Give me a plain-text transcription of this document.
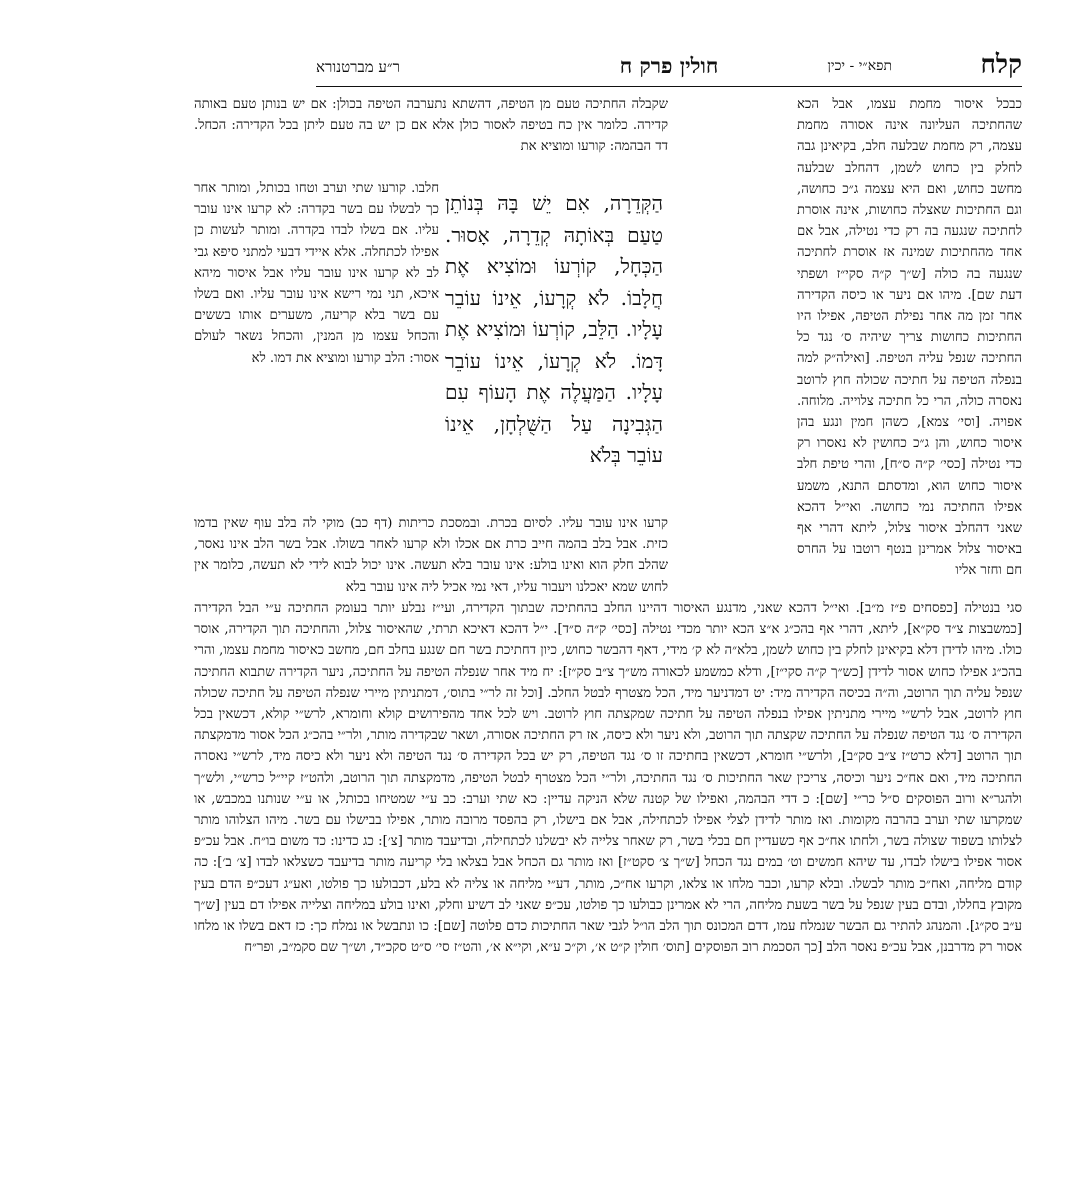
קלח
תפא״י - יכין
חולין פרק ח
ר״ע מברטנורא

כבכל איסור מחמת עצמו, אבל הכא שהחתיכה העליונה אינה אסורה מחמת עצמה, רק מחמת שבלעה חלב, בקיאינן גבה לחלק בין כחוש לשמן, דהחלב שבלעה מחשב כחוש, ואם היא עצמה ג״כ כחושה, וגם החתיכות שאצלה כחושות, אינה אוסרת לחתיכה שנגעה בה רק כדי נטילה, אבל אם אחד מהחתיכות שמינה אז אוסרת לחתיכה שנגעה בה כולה [ש״ך ק״ה סקי״ז ושפתי דעת שם]. מיהו אם ניער או כיסה הקדירה אחר זמן מה אחר נפילת הטיפה, אפילו היו החתיכות כחושות צריך שיהיה ס׳ נגד כל החתיכה שנפל עליה הטיפה. [ואילה״ק למה בנפלה הטיפה על חתיכה שכולה חוץ לרוטב נאסרה כולה, הרי כל חתיכה צלוייה. מלוחה. אפויה. [וסי׳ צמא], כשהן חמין ונגע בהן איסור כחוש, והן ג״כ כחושין לא נאסרו רק כדי נטילה [כסי׳ ק״ה ס״ח], והרי טיפת חלב איסור כחוש הוא, ומדסתם התנא, משמע אפילו החתיכה נמי כחושה. ואי״ל דהכא שאני דהחלב איסור צלול, ליתא דהרי אף באיסור צלול אמרינן בנטף רוטבו על החרס חם וחזר אליו

שקבלה החתיכה טעם מן הטיפה, דהשתא נתערבה הטיפה בכולן: אם יש בנותן טעם באותה קדירה. כלומר אין כח בטיפה לאסור כולן אלא אם כן יש בה טעם ליתן בכל הקדירה: הכחל. דד הבהמה: קורעו ומוציא את

הַקְּדֵרָה, אִם יֵשׁ בָּהּ בְּנוֹתֵן טַעַם בְּאוֹתָהּ קְדֵרָה, אָסוּר. הַכְּחָל, קוֹרְעוֹ וּמוֹצִיא אֶת חֲלָבוֹ. לֹא קְרָעוֹ, אֵינוֹ עוֹבֵר עָלָיו. הַלֵּב, קוֹרְעוֹ וּמוֹצִיא אֶת דָּמוֹ. לֹא קְרָעוֹ, אֵינוֹ עוֹבֵר עָלָיו. הַמַּעֲלֶה אֶת הָעוֹף עִם הַגְּבִינָה עַל הַשֻּׁלְחָן, אֵינוֹ עוֹבֵר בְּלֹא

חלבו. קורעו שתי וערב וטחו בכותל, ומותר אחר כך לבשלו עם בשר בקדרה: לא קרעו אינו עובר עליו. אם בשלו לבדו בקדרה. ומותר לעשות כן אפילו לכתחלה. אלא איידי דבעי למתני סיפא גבי לב לא קרעו אינו עובר עליו אבל איסור מיהא איכא, תני נמי רישא אינו עובר עליו. ואם בשלו עם בשר בלא קריעה, משערים אותו בששים והכחל עצמו מן המנין, והכחל נשאר לעולם אסור: הלב קורעו ומוציא את דמו. לא

קרעו אינו עובר עליו. לסיום בכרת. ובמסכת כריתות (דף כב) מוקי לה בלב עוף שאין בדמו כזית. אבל בלב בהמה חייב כרת אם אכלו ולא קרעו לאחר בשולו. אבל בשר הלב אינו נאסר, שהלב חלק הוא ואינו בולע: אינו עובר בלא תעשה. אינו יכול לבוא לידי לא תעשה, כלומר אין לחוש שמא יאכלנו ויעבור עליו, דאי נמי אכיל ליה אינו עובר בלא

סגי בנטילה [כפסחים פ״ז מ״ב]. ואי״ל דהכא שאני, מדנגע האיסור דהיינו החלב בהחתיכה שבתוך הקדירה, ועי״ז נבלע יותר בעומק החתיכה ע״י הבל הקדירה [כמשבצות צ״ד סק״א], ליתא, דהרי אף בהכ״ג א״צ הכא יותר מכדי נטילה [כסי׳ ק״ה ס״ד]. י״ל דהכא דאיכא תרתי, שהאיסור צלול, והחתיכה תוך הקדירה, אוסר כולו. מיהו לדידן דלא בקיאינן לחלק בין כחוש לשמן, בלא״ה לא ק׳ מידי, דאף דהבשר כחוש, כיון דחתיכת בשר חם שנגע בחלב חם, מחשב כאיסור מחמת עצמו, והרי בהכ״ג אפילו כחוש אסור לדידן [כש״ך ק״ה סקי״ז], ודלא כמשמע לכאורה מש״ך צ״ב סק״ז]: יח מיד אחר שנפלה הטיפה על החתיכה, ניער הקדירה שתבוא החתיכה שנפל עליה תוך הרוטב, וה״ה בכיסה הקדירה מיד: יט דמדניער מיד, הכל מצטרף לבטל החלב. [וכל זה לר״י בתוס׳, דמתניתין מיירי שנפלה הטיפה על חתיכה שכולה חוץ לרוטב, אבל לרש״י מיירי מתניתין אפילו בנפלה הטיפה על חתיכה שמקצתה חוץ לרוטב. ויש לכל אחד מהפירושים קולא וחומרא, לרש״י קולא, דכשאין בכל הקדירה ס׳ נגד הטיפה שנפלה על החתיכה שקצתה תוך הרוטב, ולא ניער ולא כיסה, אז רק החתיכה אסורה, ושאר שבקדירה מותר, ולר״י בהכ״ג הכל אסור מדמקצתה תוך הרוטב [דלא כרט״ז צ״ב סק״ב], ולרש״י חומרא, דכשאין בחתיכה זו ס׳ נגד הטיפה, רק יש בכל הקדירה ס׳ נגד הטיפה ולא ניער ולא כיסה מיד, לרש״י נאסרה החתיכה מיד, ואם אח״כ ניער וכיסה, צריכין שאר החתיכות ס׳ נגד החתיכה, ולר״י הכל מצטרף לבטל הטיפה, מדמקצתה תוך הרוטב, ולהט״ז קיי״ל כרש״י, ולש״ך ולהגר״א ורוב הפוסקים ס״ל כר״י [שם]: כ דדי הבהמה, ואפילו של קטנה שלא הניקה עדיין: כא שתי וערב: כב ע״י שמטיחו בכותל, או ע״י שנותנו במכבש, או שמקרעו שתי וערב בהרבה מקומות. ואז מותר לדידן לצלי אפילו לכתחילה, אבל אם בישלו, רק בהפסד מרובה מותר, אפילו בבישלו עם בשר. מיהו הצלוהו מותר לצלותו בשפוד שצולה בשר, ולחתו אח״כ אף כשעדיין חם בכלי בשר, רק שאחר צלייה לא יבשלנו לכתחילה, ובדיעבד מותר [צ׳]: כג כדינו: כד משום בו״ח. אבל עכ״פ אסור אפילו בישלו לבדו, עד שיהא חמשים וט׳ במים נגד הכחל [ש״ך צ׳ סקט״ז] ואז מותר גם הכחל אבל בצלאו בלי קריעה מותר בדיעבד כשצלאו לבדו [צ׳ ב׳]: כה קודם מליחה, ואח״כ מותר לבשלו. ובלא קרעו, וכבר מלחו או צלאו, וקרעו אח״כ, מותר, דע״י מליחה או צליה לא בלע, דכבולעו כך פולטו, ואע״ג דעכ״פ הדם בעין מקובץ בחללו, ובדם בעין שנפל על בשר בשעת מליחה, הרי לא אמרינן כבולעו כך פולטו, עכ״פ שאני לב דשיע וחלק, ואינו בולע במליחה וצלייה אפילו דם בעין [ש״ך ע״ב סק״ג]. והמנהג להתיר גם הבשר שנמלח עמו, דדם המכונס תוך הלב הו״ל לגבי שאר החתיכות כדם פלוטה [שם]: כו ונתבשל או נמלח כך: כז דאם בשלו או מלחו אסור רק מדרבנן, אבל עכ״פ נאסר הלב [כך הסכמת רוב הפוסקים [תוס׳ חולין ק״ט א׳, וק״כ ע״א, וקי״א א׳, והט״ז סי׳ ס״ט סקכ״ד, וש״ך שם סקמ״ב, ופר״ח
